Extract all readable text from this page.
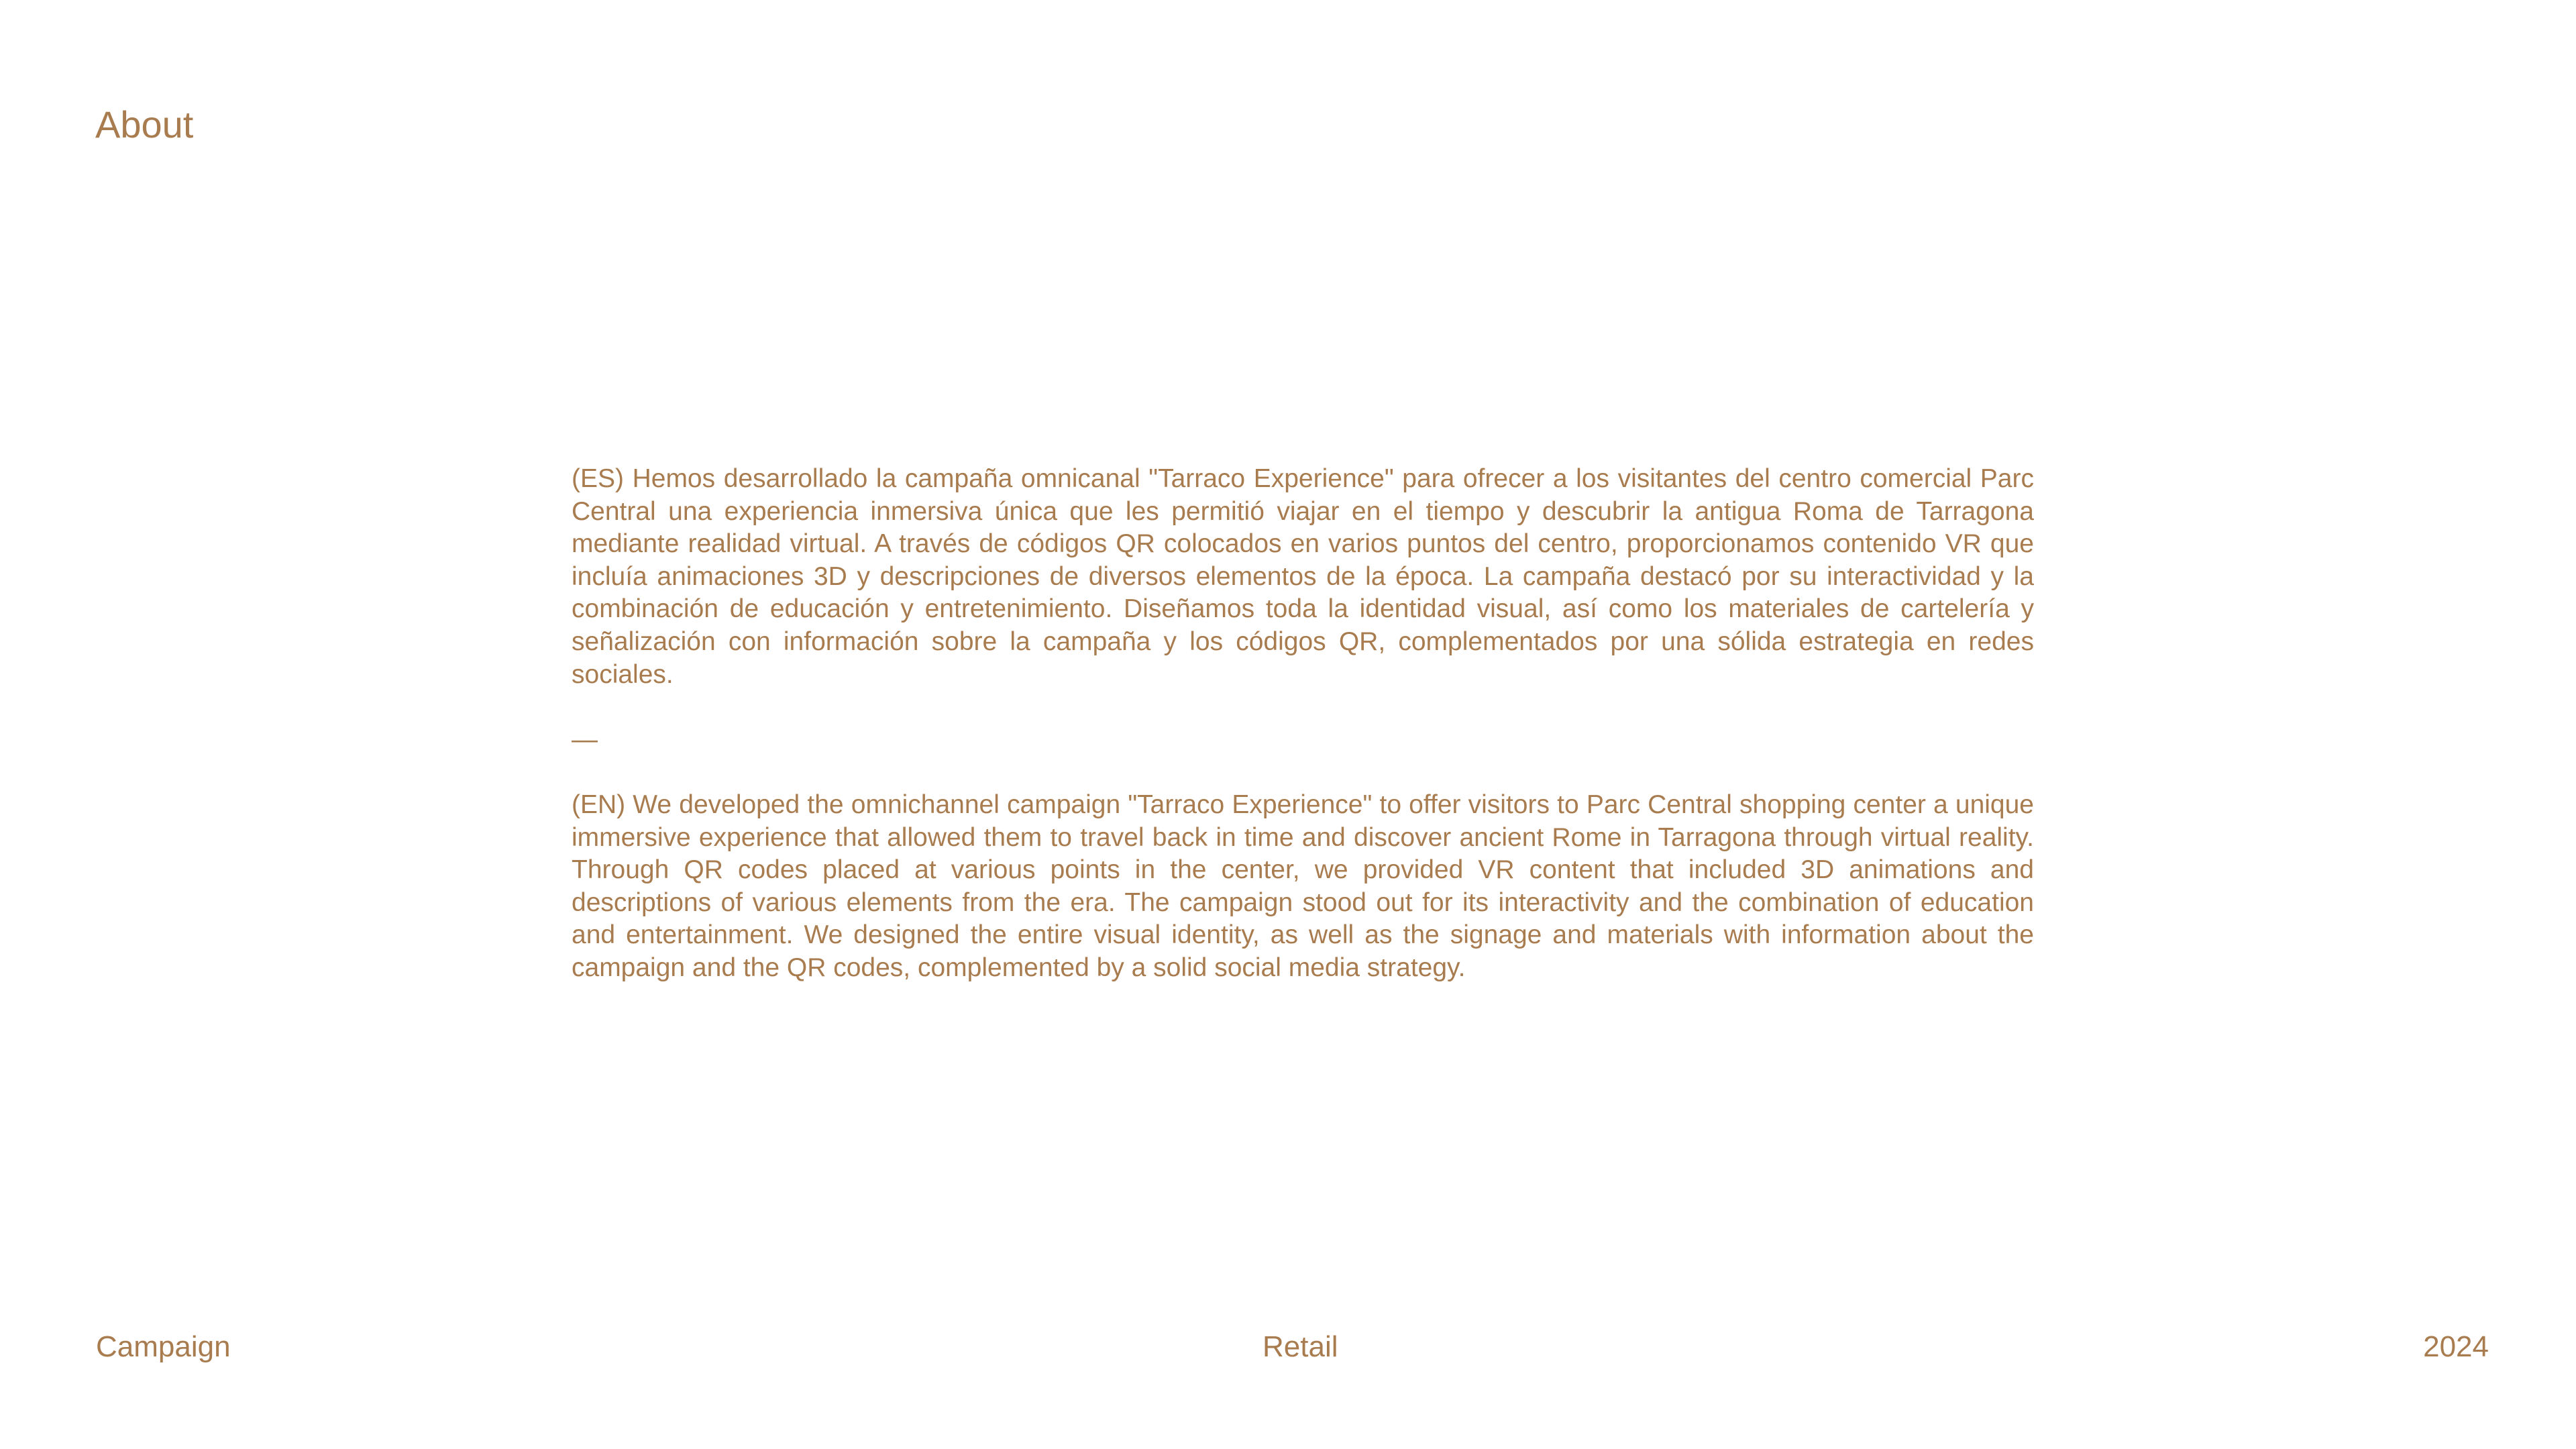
About

(ES) Hemos desarrollado la campaña omnicanal "Tarraco Experience" para ofrecer a los visitantes del centro comercial Parc Central una experiencia inmersiva única que les permitió viajar en el tiempo y descubrir la antigua Roma de Tarragona mediante realidad virtual. A través de códigos QR colocados en varios puntos del centro, proporcionamos contenido VR que incluía animaciones 3D y descripciones de diversos elementos de la época. La campaña destacó por su interactividad y la combinación de educación y entretenimiento. Diseñamos toda la identidad visual, así como los materiales de cartelería y señalización con información sobre la campaña y los códigos QR, complementados por una sólida estrategia en redes sociales.

—

(EN) We developed the omnichannel campaign "Tarraco Experience" to offer visitors to Parc Central shopping center a unique immersive experience that allowed them to travel back in time and discover ancient Rome in Tarragona through virtual reality. Through QR codes placed at various points in the center, we provided VR content that included 3D animations and descriptions of various elements from the era. The campaign stood out for its interactivity and the combination of education and entertainment. We designed the entire visual identity, as well as the signage and materials with information about the campaign and the QR codes, complemented by a solid social media strategy.

Campaign	Retail	2024
